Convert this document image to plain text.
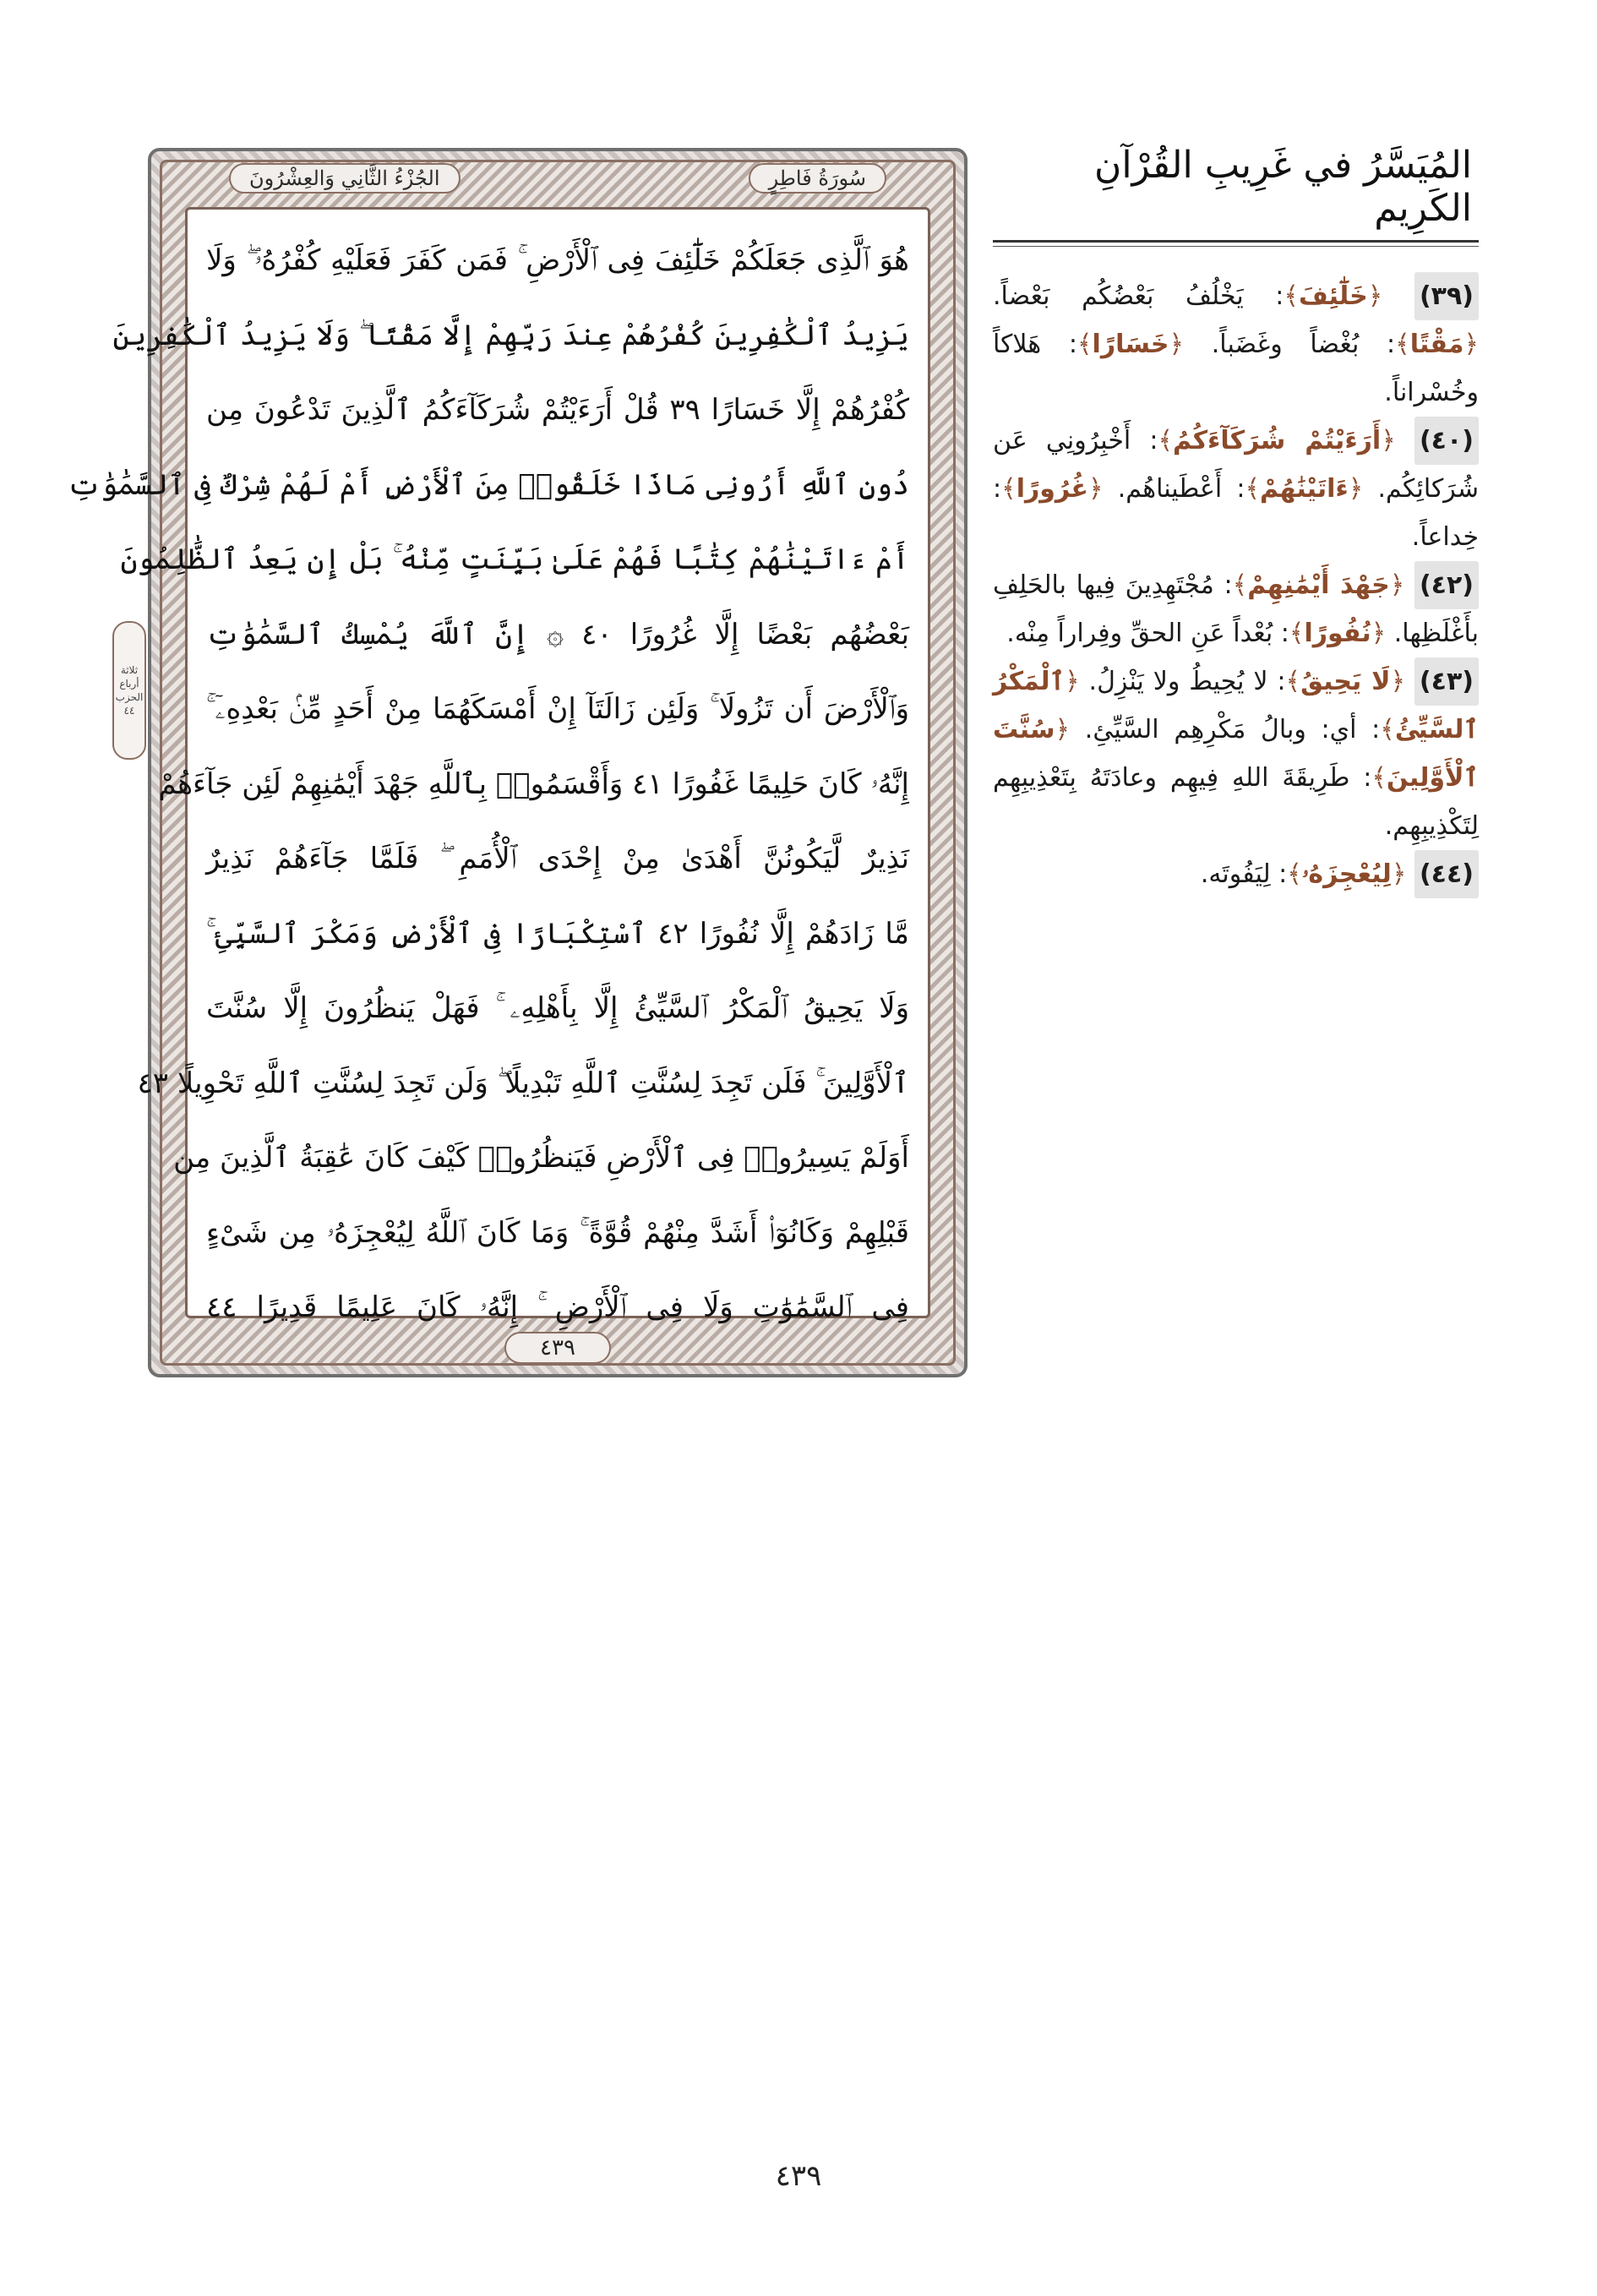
المُيَسَّرُ في غَرِيبِ القُرْآنِ الكَرِيم

(٣٩) ﴿خَلَٰٓئِفَ﴾: يَخْلُفُ بَعْضُكُم بَعْضاً. ﴿مَقْتًا﴾: بُغْضاً وغَضَباً. ﴿خَسَارًا﴾: هَلاكاً وخُسْراناً.

(٤٠) ﴿أَرَءَيْتُمْ شُرَكَآءَكُمُ﴾: أَخْبِرُونِي عَن شُرَكائِكُم. ﴿ءَاتَيْنَٰهُمْ﴾: أَعْطَيناهُم. ﴿غُرُورًا﴾: خِداعاً.

(٤٢) ﴿جَهْدَ أَيْمَٰنِهِمْ﴾: مُجْتَهِدِينَ فِيها بالحَلِفِ بأَغْلَظِها. ﴿نُفُورًا﴾: بُعْداً عَنِ الحقِّ وفِراراً مِنْه.

(٤٣) ﴿لَا يَحِيقُ﴾: لا يُحِيطُ ولا يَنْزِلُ. ﴿ٱلْمَكْرُ ٱلسَّيِّئُ﴾: أي: وبالُ مَكْرِهِم السَّيِّئِ. ﴿سُنَّتَ ٱلْأَوَّلِينَ﴾: طَرِيقَةَ اللهِ فِيهِم وعادَتَهُ بِتَعْذِيبِهِم لِتَكْذِيبِهِم.

(٤٤) ﴿لِيُعْجِزَهُۥ﴾: لِيَفُوتَه.

سُورَةُ فَاطِرٍ
الجُزْءُ الثَّانِي وَالعِشْرُونَ
هُوَ ٱلَّذِى جَعَلَكُمْ خَلَٰٓئِفَ فِى ٱلْأَرْضِ ۚ فَمَن كَفَرَ فَعَلَيْهِ كُفْرُهُۥ ۖ وَلَا
يَزِيدُ ٱلْكَٰفِرِينَ كُفْرُهُمْ عِندَ رَبِّهِمْ إِلَّا مَقْتًا ۖ وَلَا يَزِيدُ ٱلْكَٰفِرِينَ
كُفْرُهُمْ إِلَّا خَسَارًا ٣٩ قُلْ أَرَءَيْتُمْ شُرَكَآءَكُمُ ٱلَّذِينَ تَدْعُونَ مِن
دُونِ ٱللَّهِ أَرُونِى مَاذَا خَلَقُوا۟ مِنَ ٱلْأَرْضِ أَمْ لَهُمْ شِرْكٌ فِى ٱلسَّمَٰوَٰتِ
أَمْ ءَاتَيْنَٰهُمْ كِتَٰبًا فَهُمْ عَلَىٰ بَيِّنَتٍ مِّنْهُ ۚ بَلْ إِن يَعِدُ ٱلظَّٰلِمُونَ
بَعْضُهُم بَعْضًا إِلَّا غُرُورًا ٤٠ ۞ إِنَّ ٱللَّهَ يُمْسِكُ ٱلسَّمَٰوَٰتِ
وَٱلْأَرْضَ أَن تَزُولَا ۚ وَلَئِن زَالَتَآ إِنْ أَمْسَكَهُمَا مِنْ أَحَدٍ مِّنۢ بَعْدِهِۦٓ ۚ
إِنَّهُۥ كَانَ حَلِيمًا غَفُورًا ٤١ وَأَقْسَمُوا۟ بِٱللَّهِ جَهْدَ أَيْمَٰنِهِمْ لَئِن جَآءَهُمْ
نَذِيرٌ لَّيَكُونُنَّ أَهْدَىٰ مِنْ إِحْدَى ٱلْأُمَمِ ۖ فَلَمَّا جَآءَهُمْ نَذِيرٌ
مَّا زَادَهُمْ إِلَّا نُفُورًا ٤٢ ٱسْتِكْبَارًا فِى ٱلْأَرْضِ وَمَكْرَ ٱلسَّيِّئِ ۚ
وَلَا يَحِيقُ ٱلْمَكْرُ ٱلسَّيِّئُ إِلَّا بِأَهْلِهِۦ ۚ فَهَلْ يَنظُرُونَ إِلَّا سُنَّتَ
ٱلْأَوَّلِينَ ۚ فَلَن تَجِدَ لِسُنَّتِ ٱللَّهِ تَبْدِيلًا ۖ وَلَن تَجِدَ لِسُنَّتِ ٱللَّهِ تَحْوِيلًا ٤٣
أَوَلَمْ يَسِيرُوا۟ فِى ٱلْأَرْضِ فَيَنظُرُوا۟ كَيْفَ كَانَ عَٰقِبَةُ ٱلَّذِينَ مِن
قَبْلِهِمْ وَكَانُوٓا۟ أَشَدَّ مِنْهُمْ قُوَّةً ۚ وَمَا كَانَ ٱللَّهُ لِيُعْجِزَهُۥ مِن شَىْءٍ
فِى ٱلسَّمَٰوَٰتِ وَلَا فِى ٱلْأَرْضِ ۚ إِنَّهُۥ كَانَ عَلِيمًا قَدِيرًا ٤٤
٤٣٩
ثلاثة أرباع
الحزب
٤٤
٤٣٩
